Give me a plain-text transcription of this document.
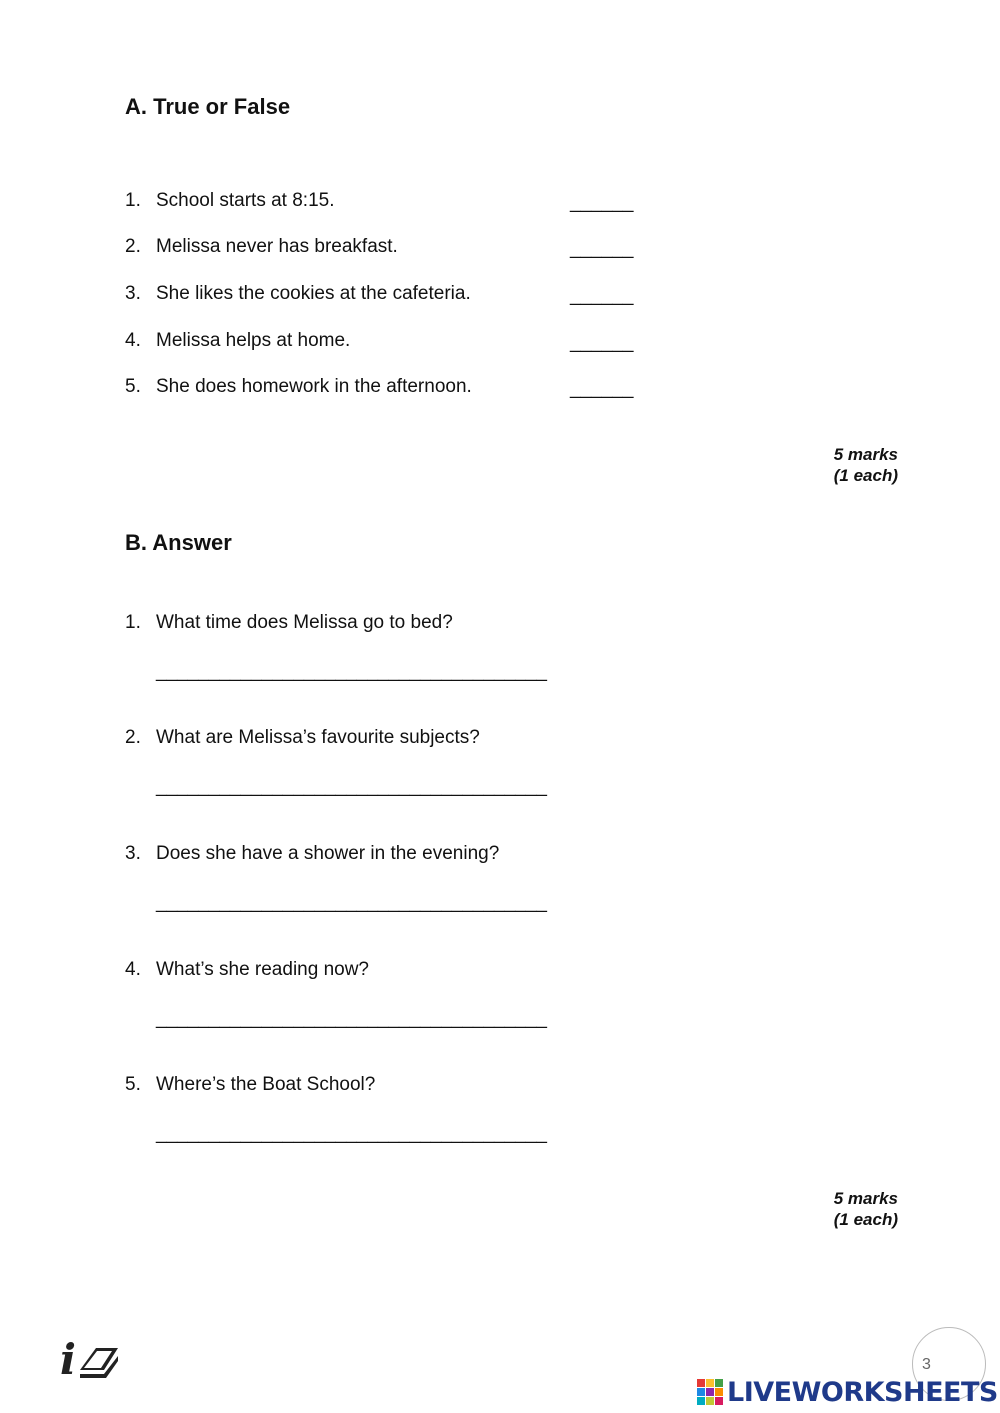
A. True or False
1. School starts at 8:15.	______
2. Melissa never has breakfast.	______
3. She likes the cookies at the cafeteria.	______
4. Melissa helps at home.	______
5. She does homework in the afternoon.	______
5 marks
(1 each)
B. Answer
1. What time does Melissa go to bed?
_____________________________________
2. What are Melissa’s favourite subjects?
_____________________________________
3. Does she have a shower in the evening?
_____________________________________
4. What’s she reading now?
_____________________________________
5. Where’s the Boat School?
_____________________________________
5 marks
(1 each)
i	3
LIVEWORKSHEETS
